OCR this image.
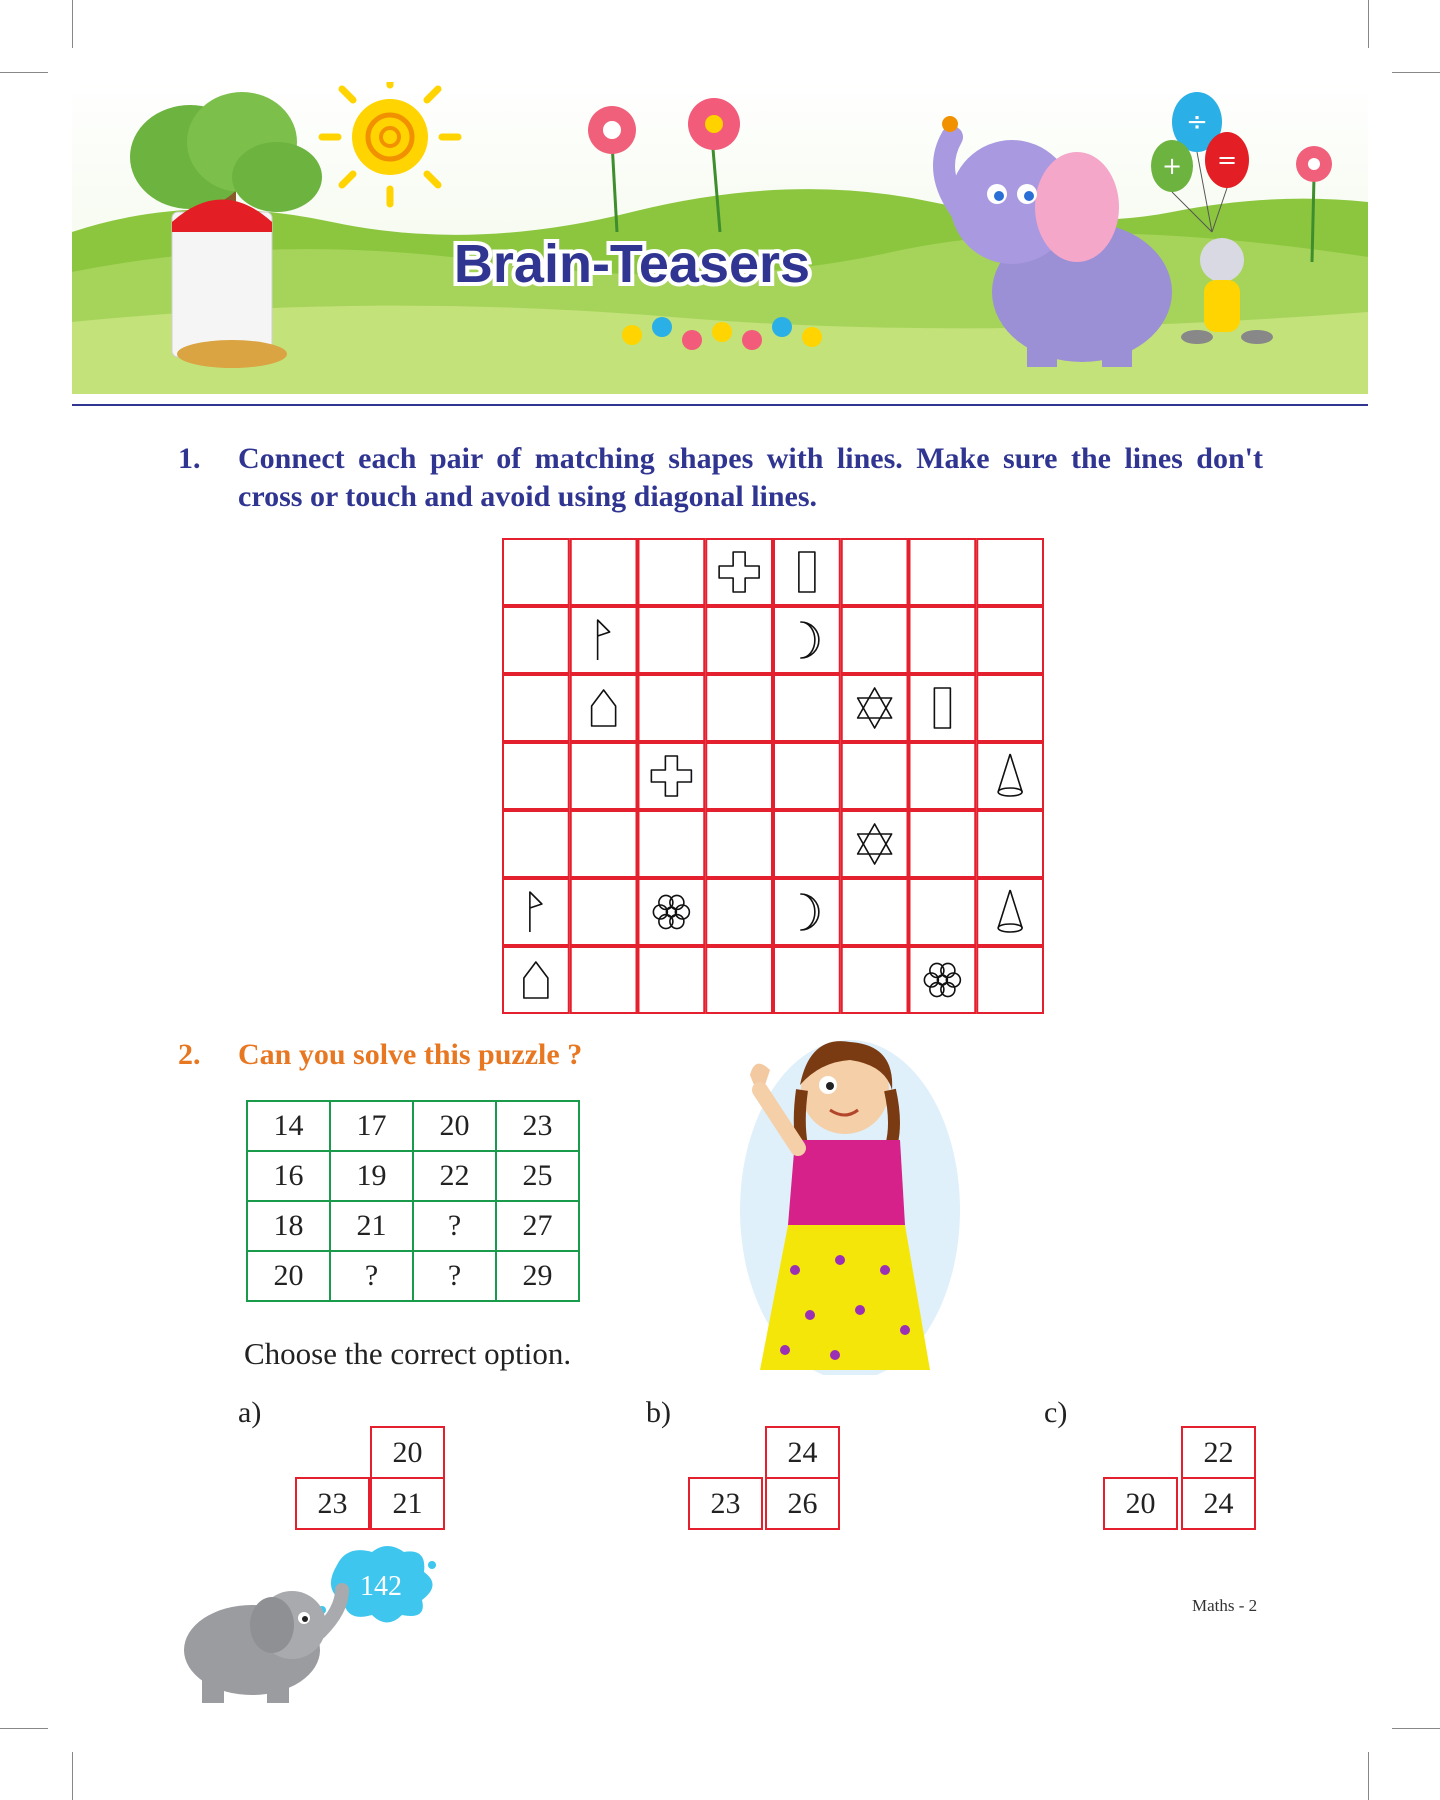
Brain-Teasers
÷
=
+
1. Connect each pair of matching shapes with lines. Make sure the lines don't cross or touch and avoid using diagonal lines.
2. Can you solve this puzzle ?
14	17	20	23
16	19	22	25
18	21	?	27
20	?	?	29
Choose the correct option.
a)
20
23	21
b)
24
23	26
c)
22
20	24
142
Maths - 2
